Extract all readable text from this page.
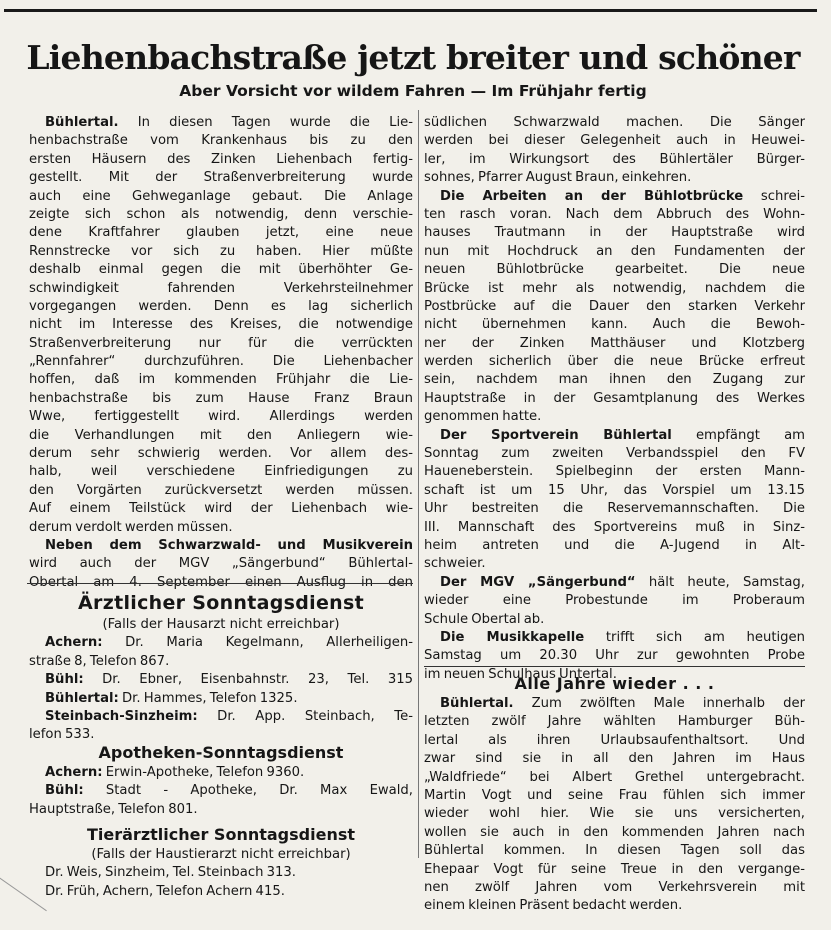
Liehenbachstraße jetzt breiter und schöner
Aber Vorsicht vor wildem Fahren — Im Frühjahr fertig
Bühlertal. In diesen Tagen wurde die Lie-
henbachstraße vom Krankenhaus bis zu den
ersten Häusern des Zinken Liehenbach fertig-
gestellt. Mit der Straßenverbreiterung wurde
auch eine Gehweganlage gebaut. Die Anlage
zeigte sich schon als notwendig, denn verschie-
dene Kraftfahrer glauben jetzt, eine neue
Rennstrecke vor sich zu haben. Hier müßte
deshalb einmal gegen die mit überhöhter Ge-
schwindigkeit fahrenden Verkehrsteilnehmer
vorgegangen werden. Denn es lag sicherlich
nicht im Interesse des Kreises, die notwendige
Straßenverbreiterung nur für die verrückten
„Rennfahrer“ durchzuführen. Die Liehenbacher
hoffen, daß im kommenden Frühjahr die Lie-
henbachstraße bis zum Hause Franz Braun
Wwe, fertiggestellt wird. Allerdings werden
die Verhandlungen mit den Anliegern wie-
derum sehr schwierig werden. Vor allem des-
halb, weil verschiedene Einfriedigungen zu
den Vorgärten zurückversetzt werden müssen.
Auf einem Teilstück wird der Liehenbach wie-
derum verdolt werden müssen.
Neben dem Schwarzwald- und Musikverein
wird auch der MGV „Sängerbund“ Bühlertal-
Obertal am 4. September einen Ausflug in den
südlichen Schwarzwald machen. Die Sänger
werden bei dieser Gelegenheit auch in Heuwei-
ler, im Wirkungsort des Bühlertäler Bürger-
sohnes, Pfarrer August Braun, einkehren.
Die Arbeiten an der Bühlotbrücke schrei-
ten rasch voran. Nach dem Abbruch des Wohn-
hauses Trautmann in der Hauptstraße wird
nun mit Hochdruck an den Fundamenten der
neuen Bühlotbrücke gearbeitet. Die neue
Brücke ist mehr als notwendig, nachdem die
Postbrücke auf die Dauer den starken Verkehr
nicht übernehmen kann. Auch die Bewoh-
ner der Zinken Matthäuser und Klotzberg
werden sicherlich über die neue Brücke erfreut
sein, nachdem man ihnen den Zugang zur
Hauptstraße in der Gesamtplanung des Werkes
genommen hatte.
Der Sportverein Bühlertal empfängt am
Sonntag zum zweiten Verbandsspiel den FV
Haueneberstein. Spielbeginn der ersten Mann-
schaft ist um 15 Uhr, das Vorspiel um 13.15
Uhr bestreiten die Reservemannschaften. Die
III. Mannschaft des Sportvereins muß in Sinz-
heim antreten und die A-Jugend in Alt-
schweier.
Der MGV „Sängerbund“ hält heute, Samstag,
wieder eine Probestunde im Proberaum
Schule Obertal ab.
Die Musikkapelle trifft sich am heutigen
Samstag um 20.30 Uhr zur gewohnten Probe
im neuen Schulhaus Untertal.
Ärztlicher Sonntagsdienst
(Falls der Hausarzt nicht erreichbar)
Achern: Dr. Maria Kegelmann, Allerheiligen-
straße 8, Telefon 867.
Bühl: Dr. Ebner, Eisenbahnstr. 23, Tel. 315
Bühlertal: Dr. Hammes, Telefon 1325.
Steinbach-Sinzheim: Dr. App. Steinbach, Te-
lefon 533.
Apotheken-Sonntagsdienst
Achern: Erwin-Apotheke, Telefon 9360.
Bühl: Stadt - Apotheke, Dr. Max Ewald,
Hauptstraße, Telefon 801.
Tierärztlicher Sonntagsdienst
(Falls der Haustierarzt nicht erreichbar)
Dr. Weis, Sinzheim, Tel. Steinbach 313.
Dr. Früh, Achern, Telefon Achern 415.
Alle Jahre wieder . . .
Bühlertal. Zum zwölften Male innerhalb der
letzten zwölf Jahre wählten Hamburger Büh-
lertal als ihren Urlaubsaufenthaltsort. Und
zwar sind sie in all den Jahren im Haus
„Waldfriede“ bei Albert Grethel untergebracht.
Martin Vogt und seine Frau fühlen sich immer
wieder wohl hier. Wie sie uns versicherten,
wollen sie auch in den kommenden Jahren nach
Bühlertal kommen. In diesen Tagen soll das
Ehepaar Vogt für seine Treue in den vergange-
nen zwölf Jahren vom Verkehrsverein mit
einem kleinen Präsent bedacht werden.
